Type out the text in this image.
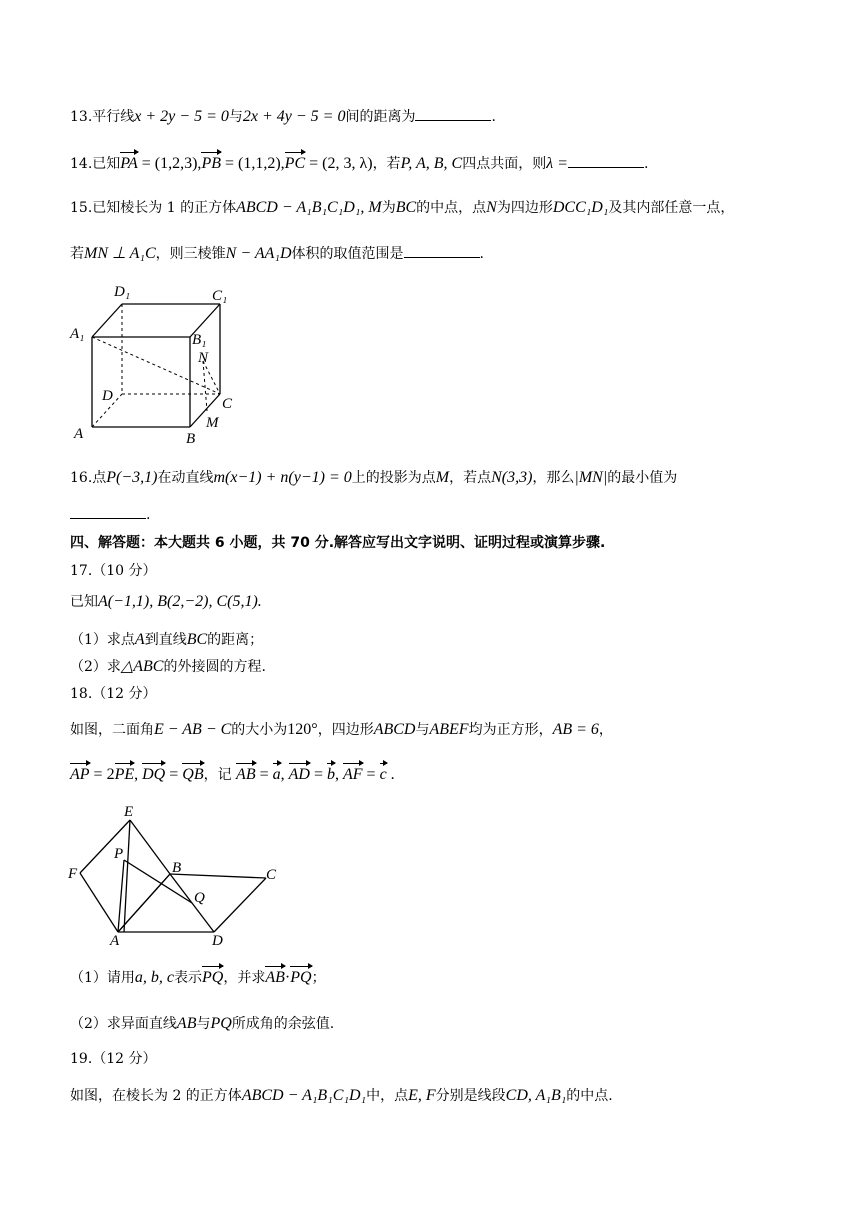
13.平行线x + 2y − 5 = 0与2x + 4y − 5 = 0间的距离为	.
14.已知PA = (1,2,3),PB = (1,1,2),PC = (2, 3, λ)，若P, A, B, C四点共面，则λ =	.
15.已知棱长为 1 的正方体ABCD − A₁B₁C₁D₁, M为BC的中点，点N为四边形DCC₁D₁及其内部任意一点，
若MN ⊥ A₁C，则三棱锥N − AA₁D体积的取值范围是	.
D₁	C₁
A₁	B₁
N
D	C
A
M
B
16.点P(−3,1)在动直线m(x−1) + n(y−1) = 0上的投影为点M，若点N(3,3)，那么|MN|的最小值为
.
四、解答题：本大题共 6 小题，共 70 分.解答应写出文字说明、证明过程或演算步骤.
17.（10 分）
已知A(−1,1), B(2,−2), C(5,1).
（1）求点A到直线BC的距离；
（2）求△ABC的外接圆的方程.
18.（12 分）
如图，二面角E − AB − C的大小为120°，四边形ABCD与ABEF均为正方形，AB = 6，
AP = 2PE, DQ = QB，记 AB = a, AD = b, AF = c .
E
P
B	C
F
Q
A	D
（1）请用a, b, c表示PQ，并求AB·PQ；
（2）求异面直线AB与PQ所成角的余弦值.
19.（12 分）
如图，在棱长为 2 的正方体ABCD − A₁B₁C₁D₁中，点E, F分别是线段CD, A₁B₁的中点.
